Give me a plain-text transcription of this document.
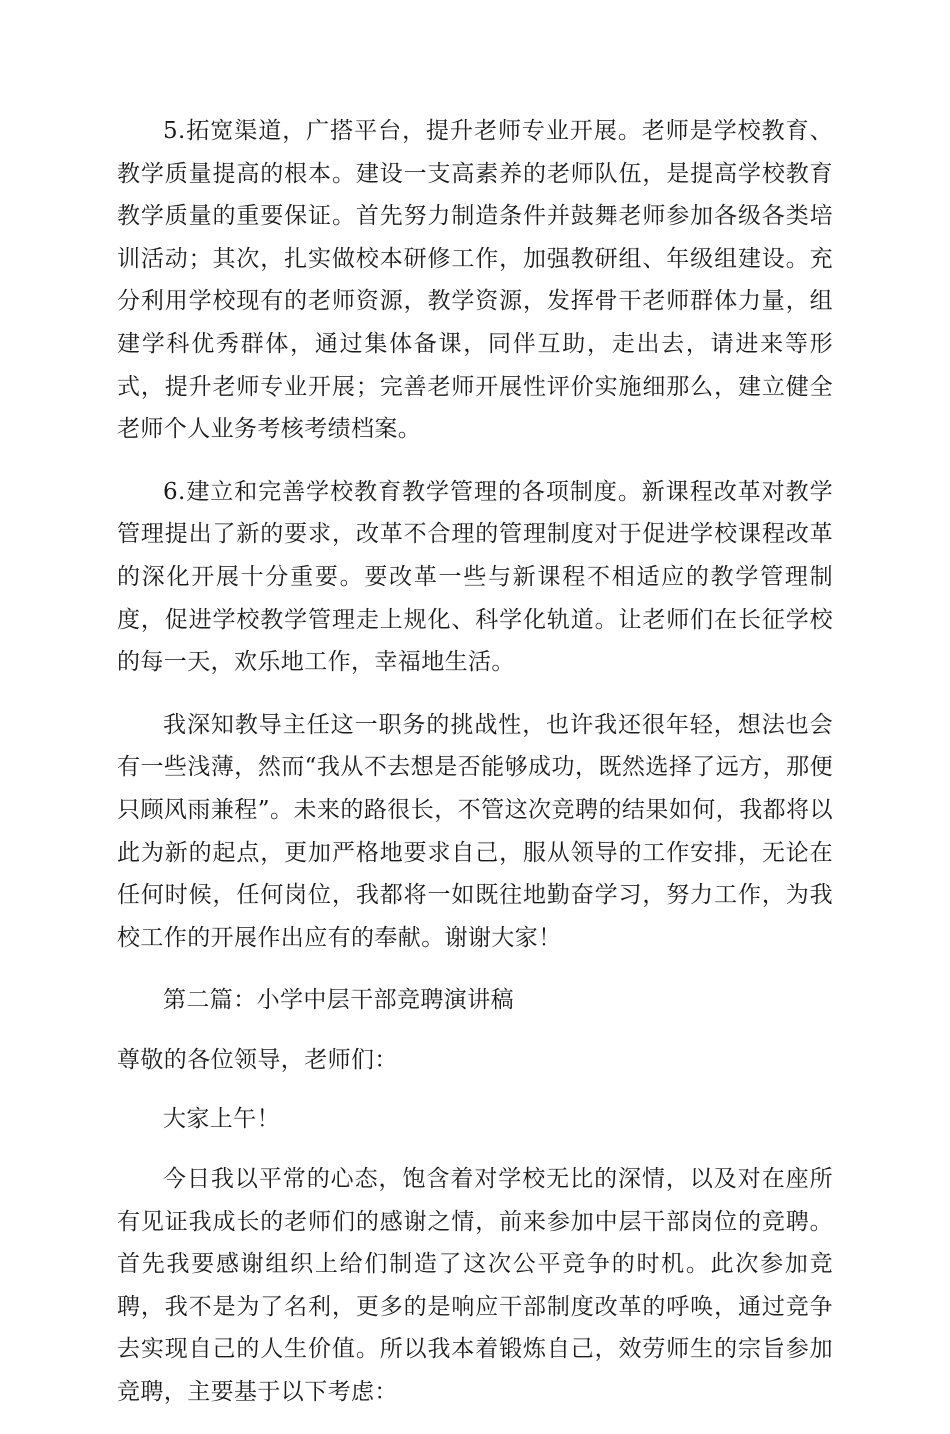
5.拓宽渠道，广搭平台，提升老师专业开展。老师是学校教育、教学质量提高的根本。建设一支高素养的老师队伍，是提高学校教育教学质量的重要保证。首先努力制造条件并鼓舞老师参加各级各类培训活动；其次，扎实做校本研修工作，加强教研组、年级组建设。充分利用学校现有的老师资源，教学资源，发挥骨干老师群体力量，组建学科优秀群体，通过集体备课，同伴互助，走出去，请进来等形式，提升老师专业开展；完善老师开展性评价实施细那么，建立健全老师个人业务考核考绩档案。

6.建立和完善学校教育教学管理的各项制度。新课程改革对教学管理提出了新的要求，改革不合理的管理制度对于促进学校课程改革的深化开展十分重要。要改革一些与新课程不相适应的教学管理制度，促进学校教学管理走上规化、科学化轨道。让老师们在长征学校的每一天，欢乐地工作，幸福地生活。

我深知教导主任这一职务的挑战性，也许我还很年轻，想法也会有一些浅薄，然而“我从不去想是否能够成功，既然选择了远方，那便只顾风雨兼程”。未来的路很长，不管这次竞聘的结果如何，我都将以此为新的起点，更加严格地要求自己，服从领导的工作安排，无论在任何时候，任何岗位，我都将一如既往地勤奋学习，努力工作，为我校工作的开展作出应有的奉献。谢谢大家！

第二篇：小学中层干部竞聘演讲稿

尊敬的各位领导，老师们：

大家上午！

今日我以平常的心态，饱含着对学校无比的深情，以及对在座所有见证我成长的老师们的感谢之情，前来参加中层干部岗位的竞聘。首先我要感谢组织上给们制造了这次公平竞争的时机。此次参加竞聘，我不是为了名利，更多的是响应干部制度改革的呼唤，通过竞争去实现自己的人生价值。所以我本着锻炼自己，效劳师生的宗旨参加竞聘，主要基于以下考虑：
